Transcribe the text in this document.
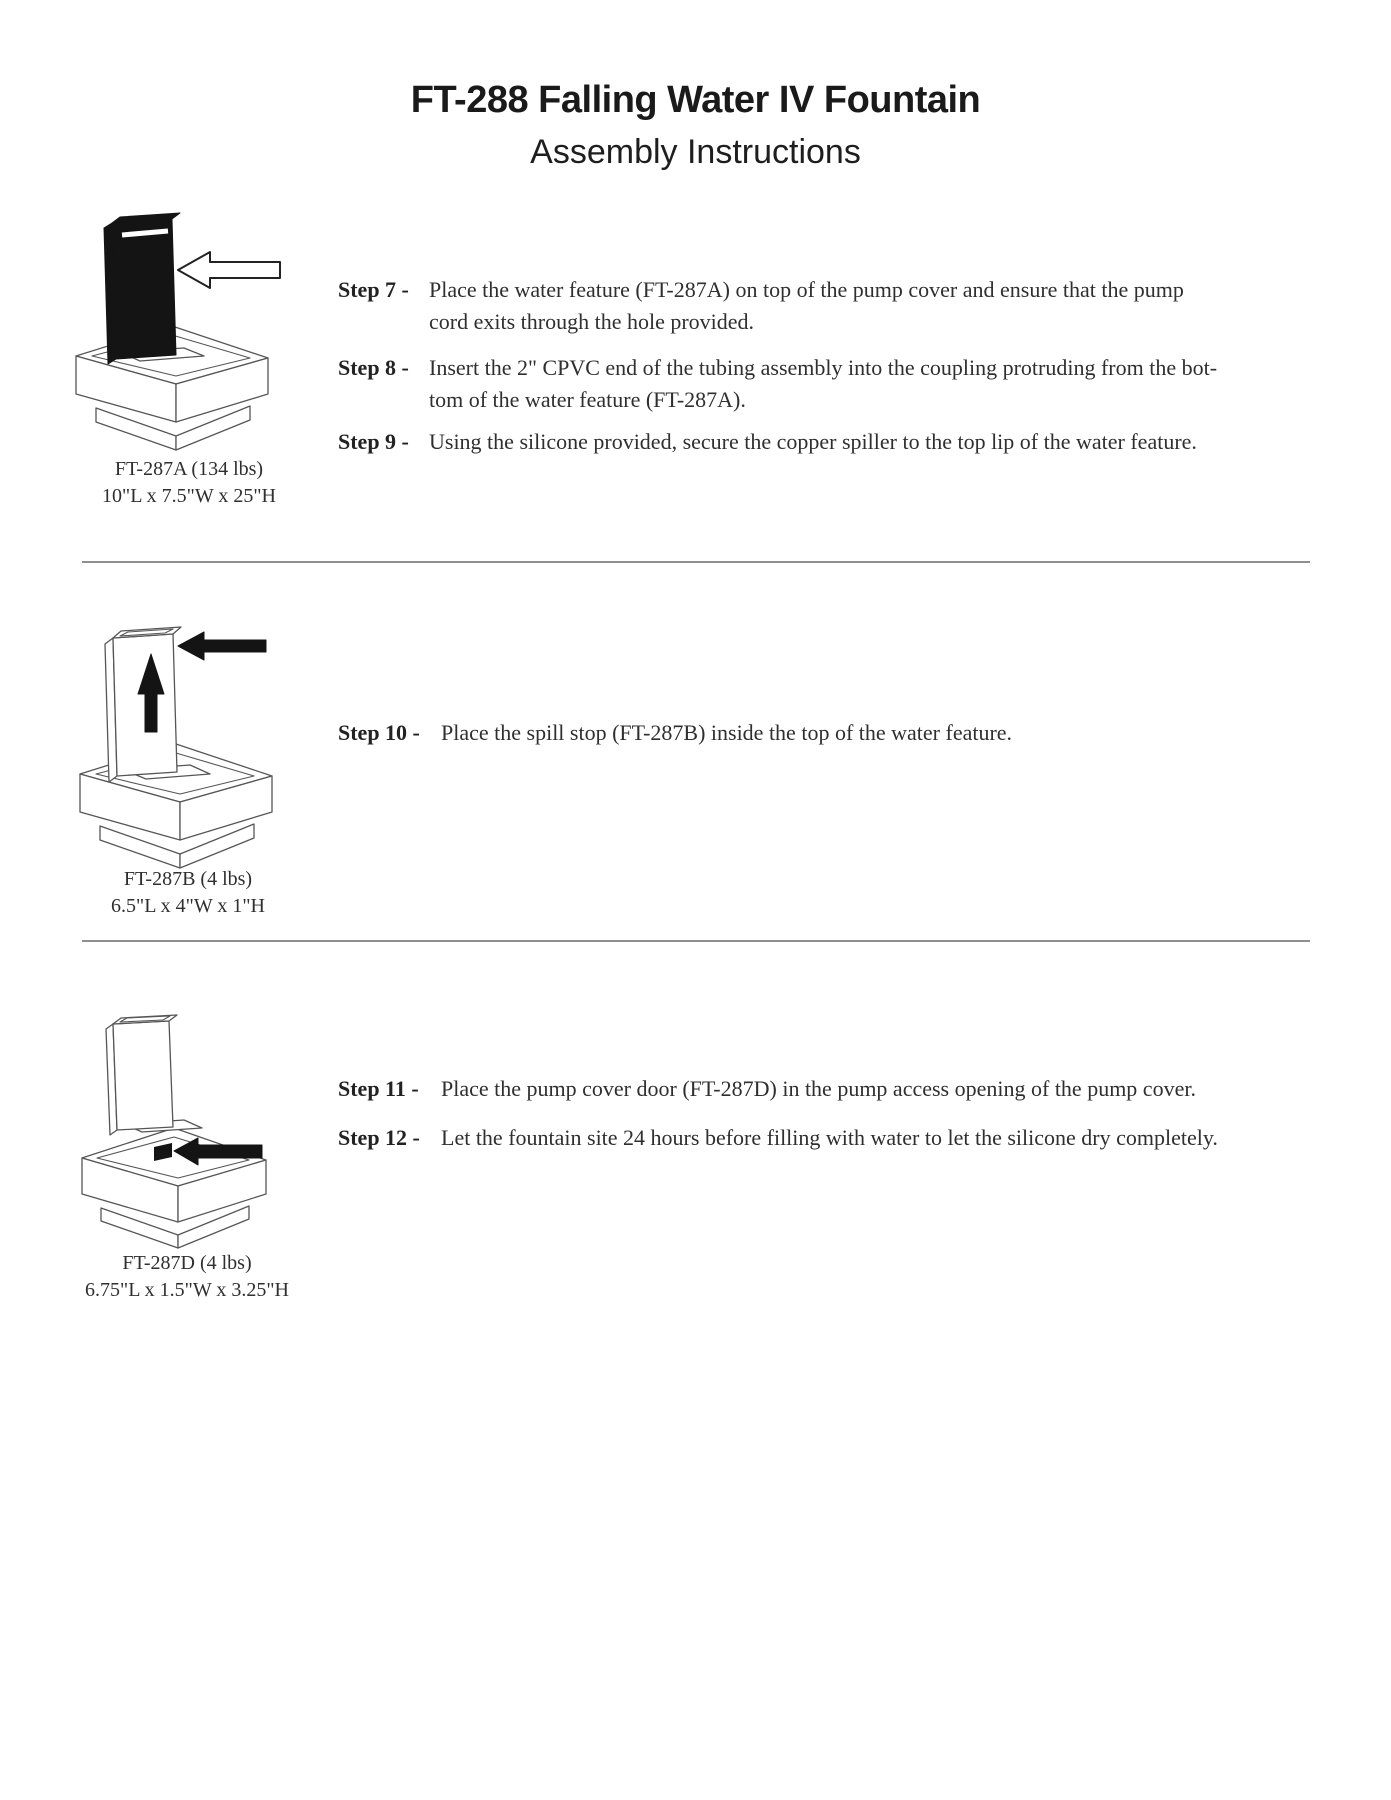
FT-288 Falling Water IV Fountain
Assembly Instructions
FT-287A (134 lbs)
10"L x 7.5"W x 25"H
Step 7 - Place the water feature (FT-287A) on top of the pump cover and ensure that the pump
cord exits through the hole provided.
Step 8 - Insert the 2" CPVC end of the tubing assembly into the coupling protruding from the bot-
tom of the water feature (FT-287A).
Step 9 - Using the silicone provided, secure the copper spiller to the top lip of the water feature.
FT-287B (4 lbs)
6.5"L x 4"W x 1"H
Step 10 - Place the spill stop (FT-287B) inside the top of the water feature.
FT-287D (4 lbs)
6.75"L x 1.5"W x 3.25"H
Step 11 -	Place the pump cover door (FT-287D) in the pump access opening of the pump cover.
Step 12 - Let the fountain site 24 hours before filling with water to let the silicone dry completely.
